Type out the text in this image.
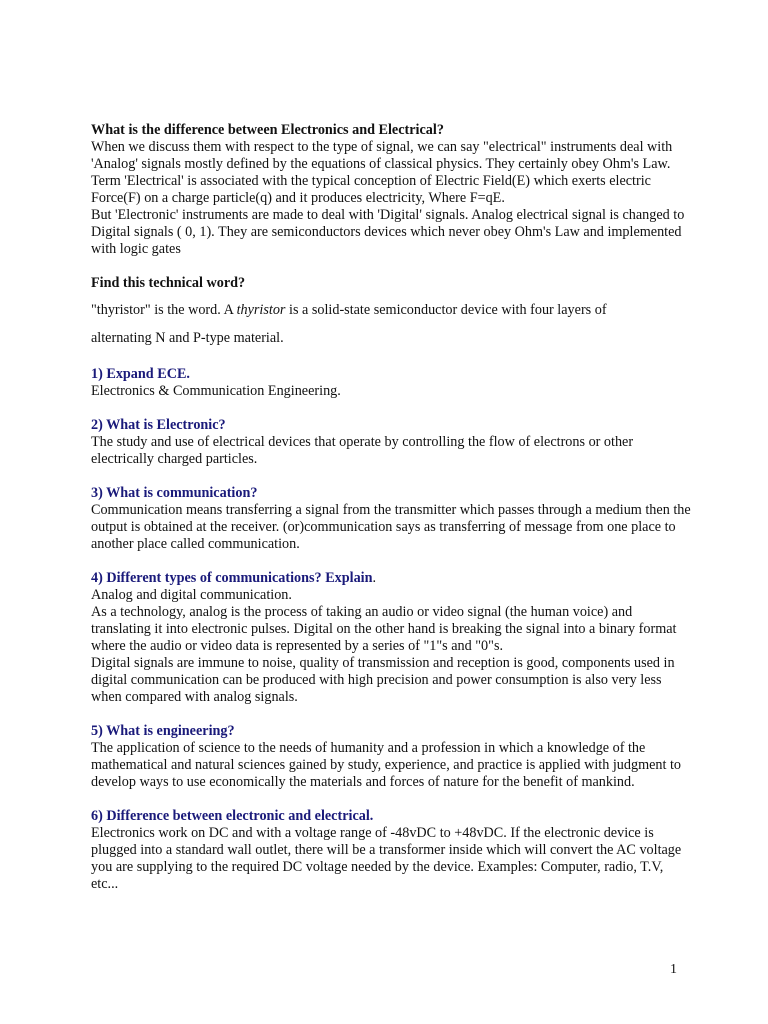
What is the difference between Electronics and Electrical?

When we discuss them with respect to the type of signal, we can say "electrical" instruments deal with 'Analog' signals mostly defined by the equations of classical physics. They certainly obey Ohm's Law. Term 'Electrical' is associated with the typical conception of Electric Field(E) which exerts electric Force(F) on a charge particle(q) and it produces electricity, Where F=qE.

But 'Electronic' instruments are made to deal with 'Digital' signals. Analog electrical signal is changed to Digital signals ( 0, 1). They are semiconductors devices which never obey Ohm's Law and implemented with logic gates

Find this technical word?

"thyristor" is the word. A thyristor is a solid-state semiconductor device with four layers of

alternating N and P-type material.

1) Expand ECE.

Electronics & Communication Engineering.

2) What is Electronic?

The study and use of electrical devices that operate by controlling the flow of electrons or other electrically charged particles.

3) What is communication?

Communication means transferring a signal from the transmitter which passes through a medium then the output is obtained at the receiver. (or)communication says as transferring of message from one place to another place called communication.

4) Different types of communications? Explain.

Analog and digital communication.

As a technology, analog is the process of taking an audio or video signal (the human voice) and translating it into electronic pulses. Digital on the other hand is breaking the signal into a binary format where the audio or video data is represented by a series of "1"s and "0"s.

Digital signals are immune to noise, quality of transmission and reception is good, components used in digital communication can be produced with high precision and power consumption is also very less when compared with analog signals.

5) What is engineering?

The application of science to the needs of humanity and a profession in which a knowledge of the mathematical and natural sciences gained by study, experience, and practice is applied with judgment to develop ways to use economically the materials and forces of nature for the benefit of mankind.

6) Difference between electronic and electrical.

Electronics work on DC and with a voltage range of -48vDC to +48vDC. If the electronic device is plugged into a standard wall outlet, there will be a transformer inside which will convert the AC voltage you are supplying to the required DC voltage needed by the device. Examples: Computer, radio, T.V, etc...

1
